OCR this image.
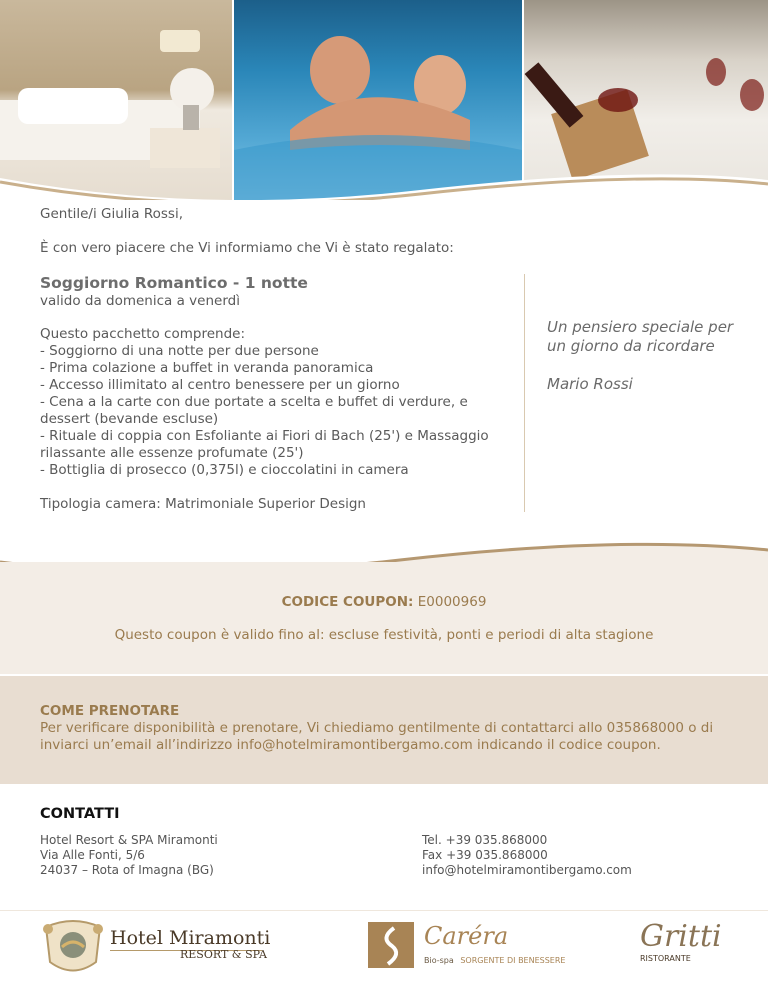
Gentile/i Giulia Rossi,

È con vero piacere che Vi informiamo che Vi è stato regalato:

Soggiorno Romantico - 1 notte

valido da domenica a venerdì

Questo pacchetto comprende:
- Soggiorno di una notte per due persone
- Prima colazione a buffet in veranda panoramica
- Accesso illimitato al centro benessere per un giorno
- Cena a la carte con due portate a scelta e buffet di verdure, e dessert (bevande escluse)
- Rituale di coppia con Esfoliante ai Fiori di Bach (25') e Massaggio rilassante alle essenze profumate (25')
- Bottiglia di prosecco (0,375l) e cioccolatini in camera

Tipologia camera: Matrimoniale Superior Design

Un pensiero speciale per un giorno da ricordare
Mario Rossi

CODICE COUPON: E0000969

Questo coupon è valido fino al: escluse festività, ponti e periodi di alta stagione

COME PRENOTARE

Per verificare disponibilità e prenotare, Vi chiediamo gentilmente di contattarci allo 035868000 o di inviarci un’email all’indirizzo info@hotelmiramontibergamo.com indicando il codice coupon.

CONTATTI

Hotel Resort & SPA Miramonti
Via Alle Fonti, 5/6
24037 – Rota of Imagna (BG)
Tel. +39 035.868000
Fax +39 035.868000
info@hotelmiramontibergamo.com
Hotel Miramonti
RESORT & SPA
Caréra
Bio-spa SORGENTE DI BENESSERE
Gritti
RISTORANTE
